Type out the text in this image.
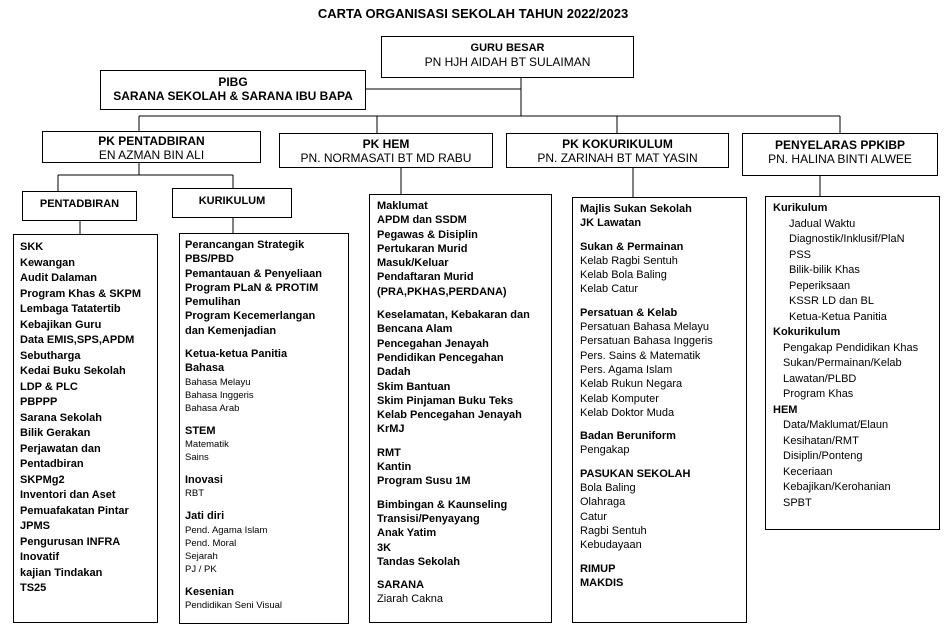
CARTA ORGANISASI SEKOLAH TAHUN 2022/2023
GURU BESAR
PN HJH AIDAH BT SULAIMAN
PIBG
SARANA SEKOLAH & SARANA IBU BAPA
PK PENTADBIRAN
EN AZMAN BIN ALI
PK HEM
PN. NORMASATI BT MD RABU
PK KOKURIKULUM
PN. ZARINAH BT MAT YASIN
PENYELARAS PPKIBP
PN. HALINA BINTI ALWEE
PENTADBIRAN	KURIKULUM
SKK
Kewangan
Audit Dalaman
Program Khas & SKPM
Lembaga Tatatertib
Kebajikan Guru
Data EMIS,SPS,APDM
Sebutharga
Kedai Buku Sekolah
LDP & PLC
PBPPP
Sarana Sekolah
Bilik Gerakan
Perjawatan dan
Pentadbiran
SKPMg2
Inventori dan Aset
Pemuafakatan Pintar
JPMS
Pengurusan INFRA
Inovatif
kajian Tindakan
TS25
Perancangan Strategik
PBS/PBD
Pemantauan & Penyeliaan
Program PLaN & PROTIM
Pemulihan
Program Kecemerlangan
dan Kemenjadian
Ketua-ketua Panitia
Bahasa
Bahasa Melayu
Bahasa Inggeris
Bahasa Arab
STEM
Matematik
Sains
Inovasi
RBT
Jati diri
Pend. Agama Islam
Pend. Moral
Sejarah
PJ / PK
Kesenian
Pendidikan Seni Visual
Maklumat
APDM dan SSDM
Pegawas & Disiplin
Pertukaran Murid
Masuk/Keluar
Pendaftaran Murid
(PRA,PKHAS,PERDANA)
Keselamatan, Kebakaran dan
Bencana Alam
Pencegahan Jenayah
Pendidikan Pencegahan
Dadah
Skim Bantuan
Skim Pinjaman Buku Teks
Kelab Pencegahan Jenayah
KrMJ
RMT
Kantin
Program Susu 1M
Bimbingan & Kaunseling
Transisi/Penyayang
Anak Yatim
3K
Tandas Sekolah
SARANA
Ziarah Cakna
Majlis Sukan Sekolah
JK Lawatan
Sukan & Permainan
Kelab Ragbi Sentuh
Kelab Bola Baling
Kelab Catur
Persatuan & Kelab
Persatuan Bahasa Melayu
Persatuan Bahasa Inggeris
Pers. Sains & Matematik
Pers. Agama Islam
Kelab Rukun Negara
Kelab Komputer
Kelab Doktor Muda
Badan Beruniform
Pengakap
PASUKAN SEKOLAH
Bola Baling
Olahraga
Catur
Ragbi Sentuh
Kebudayaan
RIMUP
MAKDIS
Kurikulum
Jadual Waktu
Diagnostik/Inklusif/PlaN
PSS
Bilik-bilik Khas
Peperiksaan
KSSR LD dan BL
Ketua-Ketua Panitia
Kokurikulum
Pengakap Pendidikan Khas
Sukan/Permainan/Kelab
Lawatan/PLBD
Program Khas
HEM
Data/Maklumat/Elaun
Kesihatan/RMT
Disiplin/Ponteng
Keceriaan
Kebajikan/Kerohanian
SPBT
